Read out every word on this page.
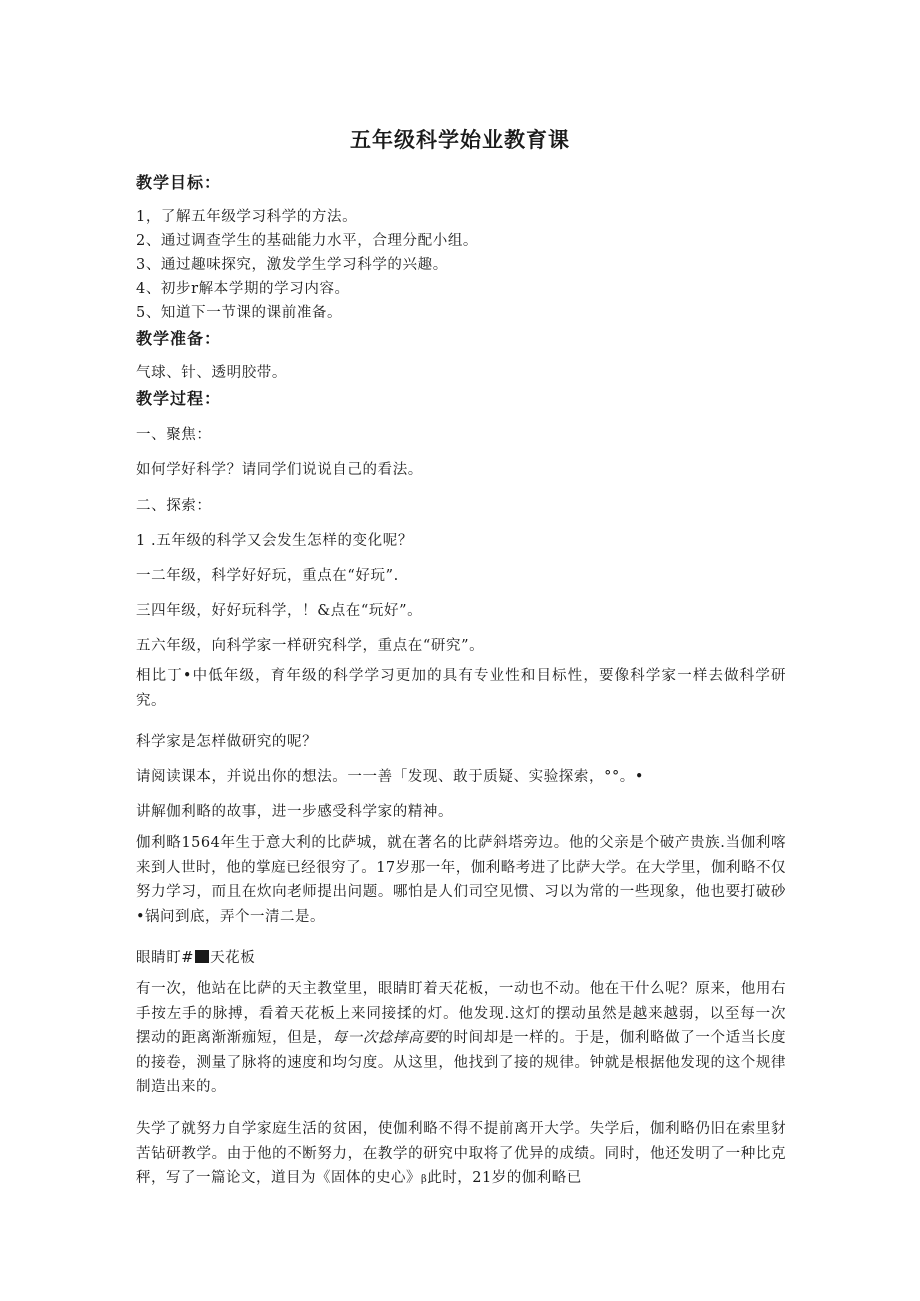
五年级科学始业教育课
教学目标：
1，了解五年级学习科学的方法。
2、通过调查学生的基础能力水平，合理分配小组。
3、通过趣味探究，激发学生学习科学的兴趣。
4、初步r解本学期的学习内容。
5、知道下一节课的课前准备。
教学准备：
气球、针、透明胶带。
教学过程：
一、聚焦：
如何学好科学？请同学们说说自己的看法。
二、探索：
1 .五年级的科学又会发生怎样的变化呢？
一二年级，科学好好玩，重点在“好玩”.
三四年级，好好玩科学，！&点在“玩好”。
五六年级，向科学家一样研究科学，重点在“研究”。
相比丁•中低年级，育年级的科学学习更加的具有专业性和目标性，要像科学家一样去做科学研究。
科学家是怎样做研究的呢？
请阅读课本，并说出你的想法。一一善「发现、敢于质疑、实验探索，°°。•
讲解伽利略的故事，进一步感受科学家的精神。
伽利略1564年生于意大利的比萨城，就在著名的比萨斜塔旁边。他的父亲是个破产贵族.当伽利喀来到人世时，他的掌庭已经很穷了。17岁那一年，伽利略考进了比萨大学。在大学里，伽利略不仅努力学习，而且在炊向老师提出问题。哪怕是人们司空见惯、习以为常的一些现象，他也要打破砂•锅问到底，弄个一清二是。
眼睛盯# 天花板
有一次，他站在比萨的天主教堂里，眼睛盯着天花板，一动也不动。他在干什么呢？原来，他用右手按左手的脉搏，看着天花板上来同接揉的灯。他发现.这灯的摆动虽然是越来越弱，以至每一次摆动的距离渐渐痂短，但是，每一次捻摔高要的时间却是一样的。于是，伽利略做了一个适当长度的接卷，测量了脉将的速度和均匀度。从这里，他找到了接的规律。钟就是根据他发现的这个规律制造出来的。
失学了就努力自学家庭生活的贫困，使伽利略不得不提前离开大学。失学后，伽利略仍旧在索里豺苦钻研教学。由于他的不断努力，在教学的研究中取将了优异的成绩。同时，他还发明了一种比克秤，写了一篇论文，道目为《固体的史心》β此时，21岁的伽利略已
